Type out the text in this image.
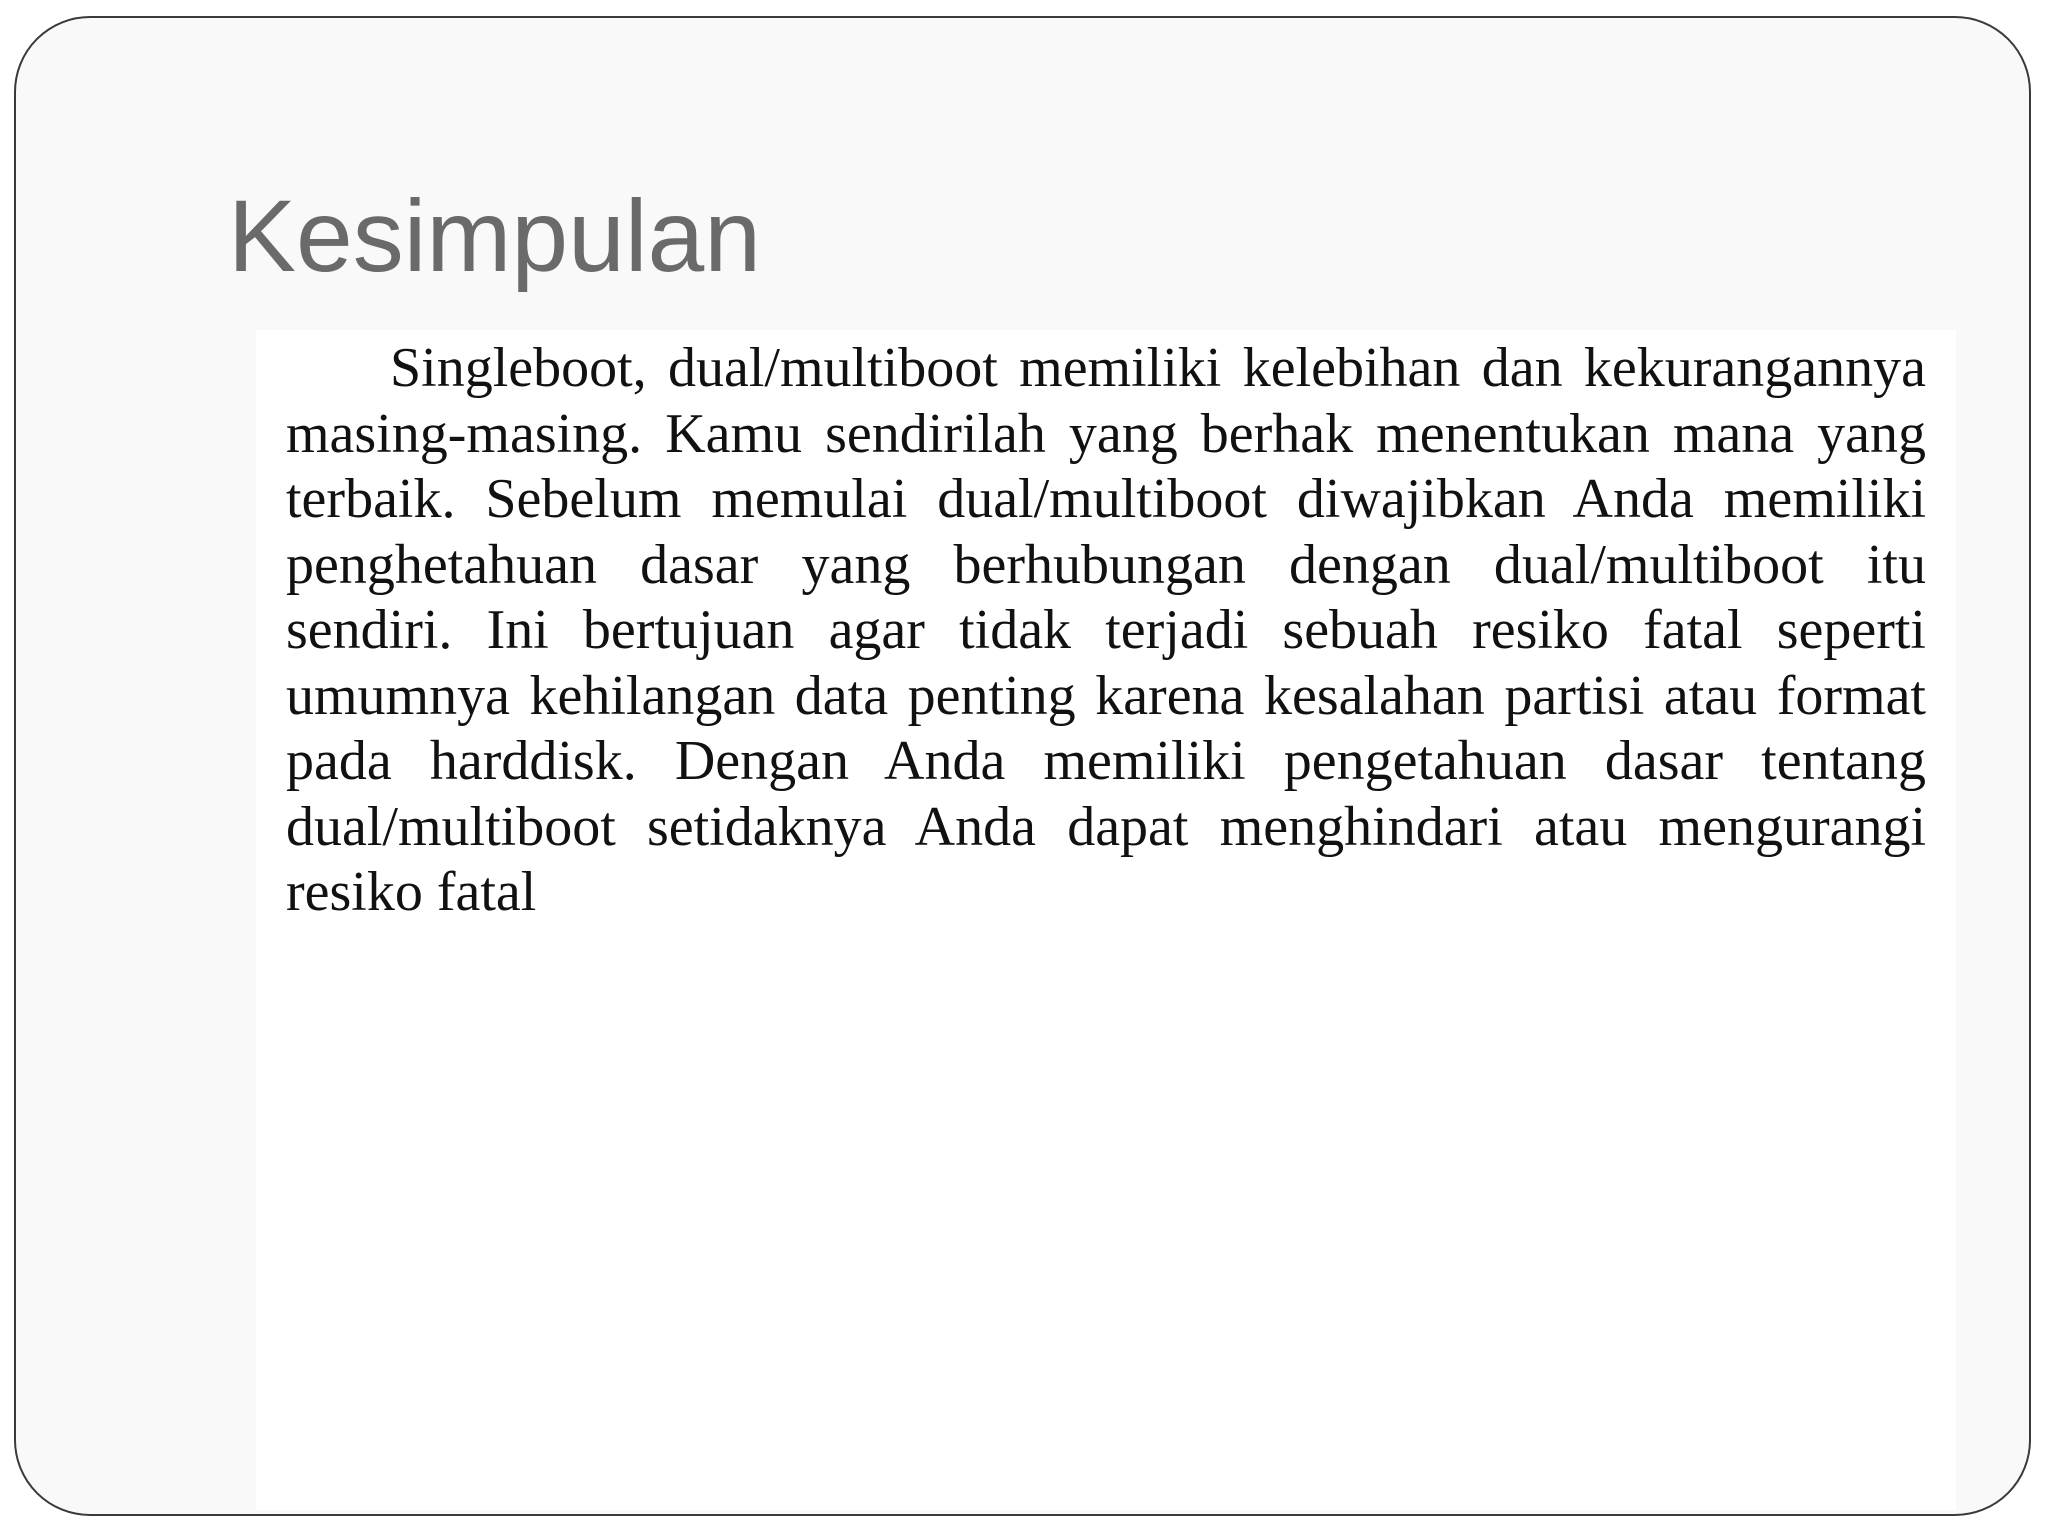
Kesimpulan

Singleboot, dual/multiboot memiliki kelebihan dan kekurangannya masing-masing. Kamu sendirilah yang berhak menentukan mana yang terbaik. Sebelum memulai dual/multiboot diwajibkan Anda memiliki penghetahuan dasar yang berhubungan dengan dual/multiboot itu sendiri. Ini bertujuan agar tidak terjadi sebuah resiko fatal seperti umumnya kehilangan data penting karena kesalahan partisi atau format pada harddisk. Dengan Anda memiliki pengetahuan dasar tentang dual/multiboot setidaknya Anda dapat menghindari atau mengurangi resiko fatal
